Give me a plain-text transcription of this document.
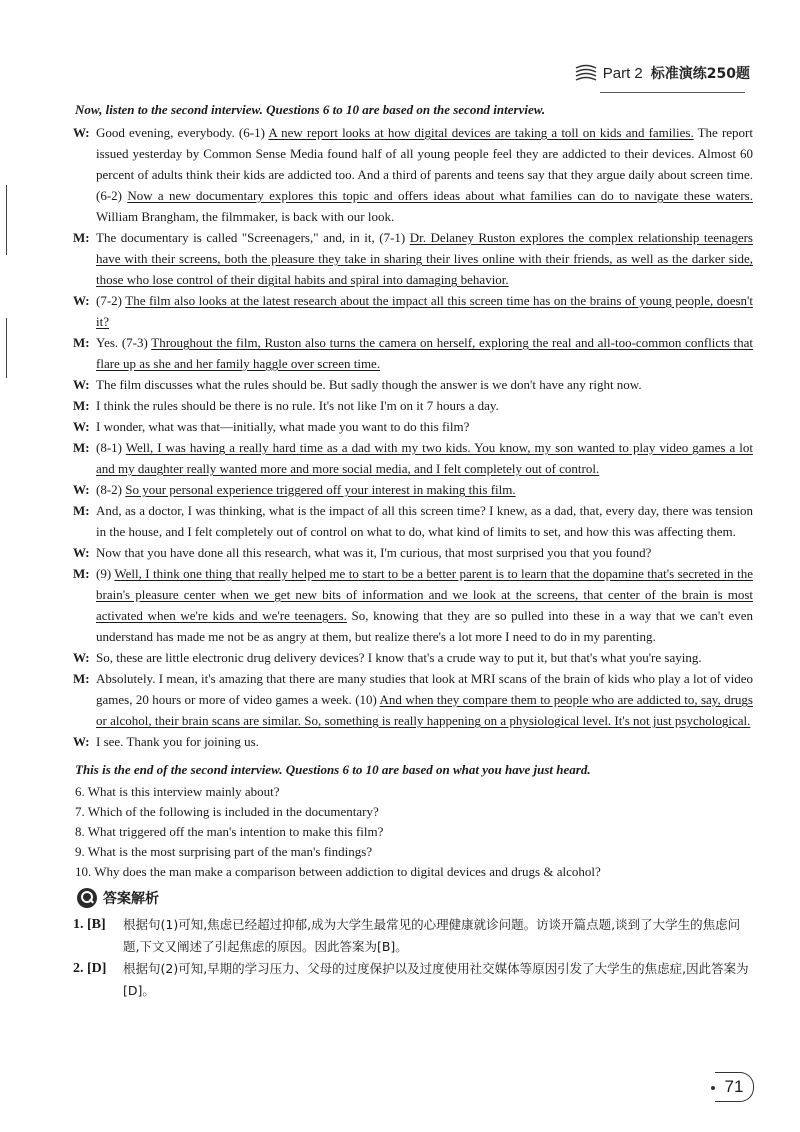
Part 2 标准演练250题
Now, listen to the second interview. Questions 6 to 10 are based on the second interview.
W: Good evening, everybody. (6-1) A new report looks at how digital devices are taking a toll on kids and families. The report issued yesterday by Common Sense Media found half of all young people feel they are addicted to their devices. Almost 60 percent of adults think their kids are addicted too. And a third of parents and teens say that they argue daily about screen time. (6-2) Now a new documentary explores this topic and offers ideas about what families can do to navigate these waters. William Brangham, the filmmaker, is back with our look.
M: The documentary is called "Screenagers," and, in it, (7-1) Dr. Delaney Ruston explores the complex relationship teenagers have with their screens, both the pleasure they take in sharing their lives online with their friends, as well as the darker side, those who lose control of their digital habits and spiral into damaging behavior.
W: (7-2) The film also looks at the latest research about the impact all this screen time has on the brains of young people, doesn't it?
M: Yes. (7-3) Throughout the film, Ruston also turns the camera on herself, exploring the real and all-too-common conflicts that flare up as she and her family haggle over screen time.
W: The film discusses what the rules should be. But sadly though the answer is we don't have any right now.
M: I think the rules should be there is no rule. It's not like I'm on it 7 hours a day.
W: I wonder, what was that—initially, what made you want to do this film?
M: (8-1) Well, I was having a really hard time as a dad with my two kids. You know, my son wanted to play video games a lot and my daughter really wanted more and more social media, and I felt completely out of control.
W: (8-2) So your personal experience triggered off your interest in making this film.
M: And, as a doctor, I was thinking, what is the impact of all this screen time? I knew, as a dad, that, every day, there was tension in the house, and I felt completely out of control on what to do, what kind of limits to set, and how this was affecting them.
W: Now that you have done all this research, what was it, I'm curious, that most surprised you that you found?
M: (9) Well, I think one thing that really helped me to start to be a better parent is to learn that the dopamine that's secreted in the brain's pleasure center when we get new bits of information and we look at the screens, that center of the brain is most activated when we're kids and we're teenagers. So, knowing that they are so pulled into these in a way that we can't even understand has made me not be as angry at them, but realize there's a lot more I need to do in my parenting.
W: So, these are little electronic drug delivery devices? I know that's a crude way to put it, but that's what you're saying.
M: Absolutely. I mean, it's amazing that there are many studies that look at MRI scans of the brain of kids who play a lot of video games, 20 hours or more of video games a week. (10) And when they compare them to people who are addicted to, say, drugs or alcohol, their brain scans are similar. So, something is really happening on a physiological level. It's not just psychological.
W: I see. Thank you for joining us.
This is the end of the second interview. Questions 6 to 10 are based on what you have just heard.
6. What is this interview mainly about?
7. Which of the following is included in the documentary?
8. What triggered off the man's intention to make this film?
9. What is the most surprising part of the man's findings?
10. Why does the man make a comparison between addiction to digital devices and drugs & alcohol?
答案解析
1. [B]	根据句(1)可知,焦虑已经超过抑郁,成为大学生最常见的心理健康就诊问题。访谈开篇点题,谈到了大学生的焦虑问题,下文又阐述了引起焦虑的原因。因此答案为[B]。
2. [D]	根据句(2)可知,早期的学习压力、父母的过度保护以及过度使用社交媒体等原因引发了大学生的焦虑症,因此答案为[D]。
71
